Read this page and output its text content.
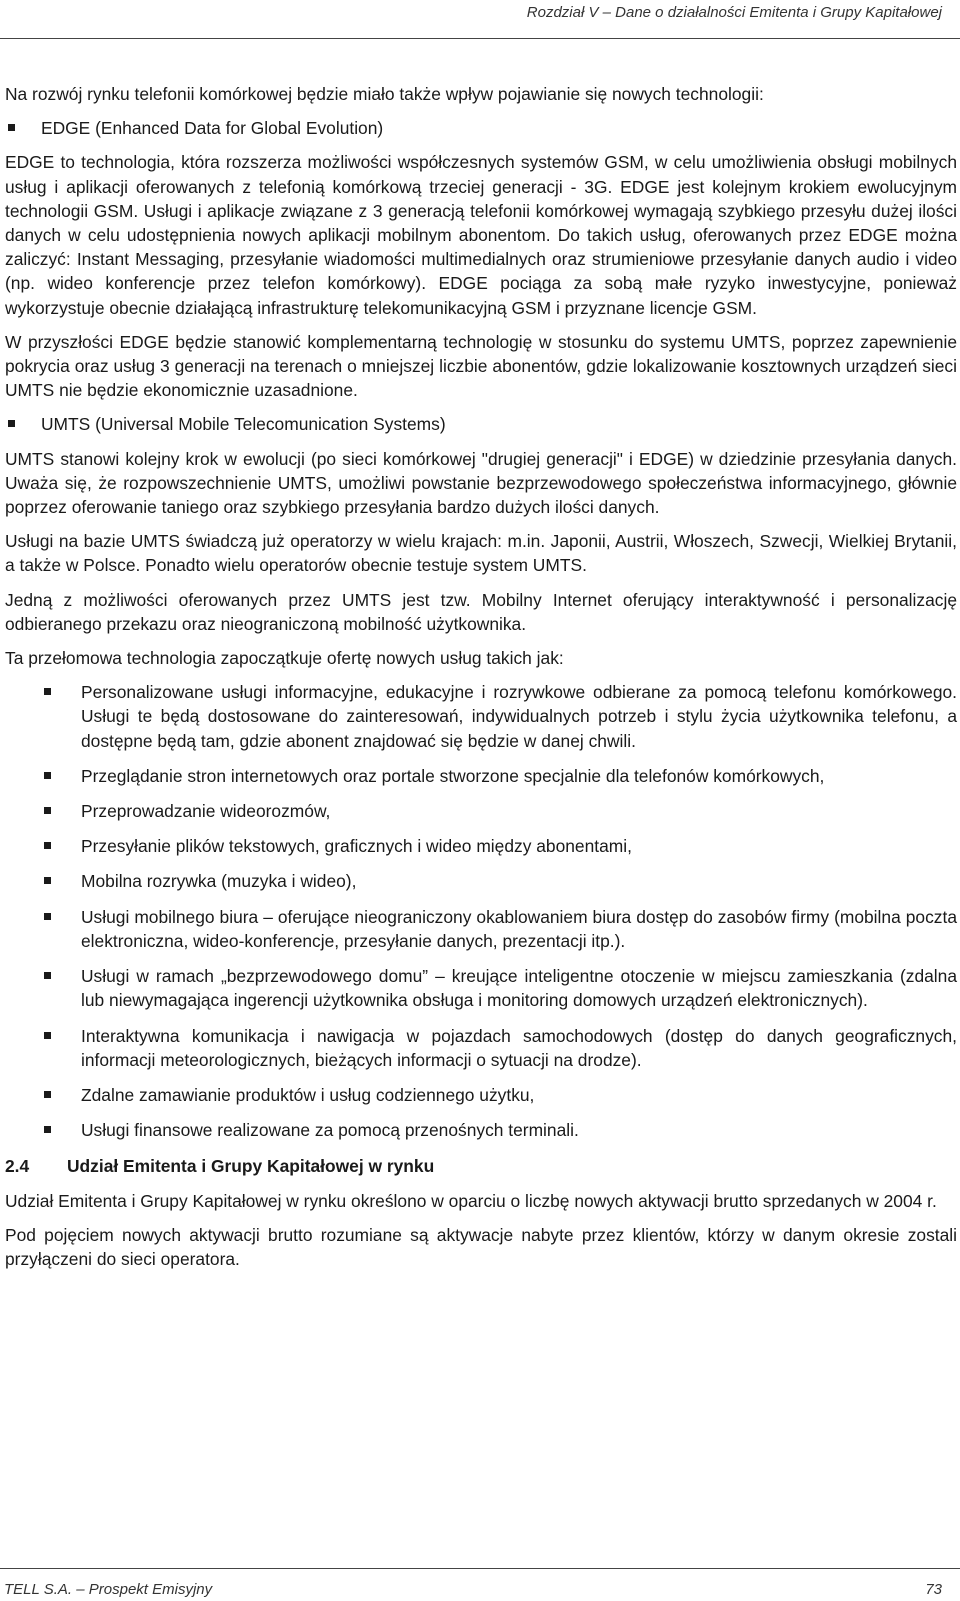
Rozdział V – Dane o działalności Emitenta i Grupy Kapitałowej

Na rozwój rynku telefonii komórkowej będzie miało także wpływ pojawianie się nowych technologii:

EDGE (Enhanced Data for Global Evolution)

EDGE to technologia, która rozszerza możliwości współczesnych systemów GSM, w celu umożliwienia obsługi mobilnych usług i aplikacji oferowanych z telefonią komórkową trzeciej generacji - 3G. EDGE jest kolejnym krokiem ewolucyjnym technologii GSM. Usługi i aplikacje związane z 3 generacją telefonii komórkowej wymagają szybkiego przesyłu dużej ilości danych w celu udostępnienia nowych aplikacji mobilnym abonentom. Do takich usług, oferowanych przez EDGE można zaliczyć: Instant Messaging, przesyłanie wiadomości multimedialnych oraz strumieniowe przesyłanie danych audio i video (np. wideo konferencje przez telefon komórkowy). EDGE pociąga za sobą małe ryzyko inwestycyjne, ponieważ wykorzystuje obecnie działającą infrastrukturę telekomunikacyjną GSM i przyznane licencje GSM.

W przyszłości EDGE będzie stanowić komplementarną technologię w stosunku do systemu UMTS, poprzez zapewnienie pokrycia oraz usług 3 generacji na terenach o mniejszej liczbie abonentów, gdzie lokalizowanie kosztownych urządzeń sieci UMTS nie będzie ekonomicznie uzasadnione.

UMTS (Universal Mobile Telecomunication Systems)

UMTS stanowi kolejny krok w ewolucji (po sieci komórkowej "drugiej generacji" i EDGE) w dziedzinie przesyłania danych. Uważa się, że rozpowszechnienie UMTS, umożliwi powstanie bezprzewodowego społeczeństwa informacyjnego, głównie poprzez oferowanie taniego oraz szybkiego przesyłania bardzo dużych ilości danych.

Usługi na bazie UMTS świadczą już operatorzy w wielu krajach: m.in. Japonii, Austrii, Włoszech, Szwecji, Wielkiej Brytanii, a także w Polsce. Ponadto wielu operatorów obecnie testuje system UMTS.

Jedną z możliwości oferowanych przez UMTS jest tzw. Mobilny Internet oferujący interaktywność i personalizację odbieranego przekazu oraz nieograniczoną mobilność użytkownika.

Ta przełomowa technologia zapoczątkuje ofertę nowych usług takich jak:

Personalizowane usługi informacyjne, edukacyjne i rozrywkowe odbierane za pomocą telefonu komórkowego. Usługi te będą dostosowane do zainteresowań, indywidualnych potrzeb i stylu życia użytkownika telefonu, a dostępne będą tam, gdzie abonent znajdować się będzie w danej chwili.
Przeglądanie stron internetowych oraz portale stworzone specjalnie dla telefonów komórkowych,
Przeprowadzanie wideorozmów,
Przesyłanie plików tekstowych, graficznych i wideo między abonentami,
Mobilna rozrywka (muzyka i wideo),
Usługi mobilnego biura – oferujące nieograniczony okablowaniem biura dostęp do zasobów firmy (mobilna poczta elektroniczna, wideo-konferencje, przesyłanie danych, prezentacji itp.).
Usługi w ramach „bezprzewodowego domu” – kreujące inteligentne otoczenie w miejscu zamieszkania (zdalna lub niewymagająca ingerencji użytkownika obsługa i monitoring domowych urządzeń elektronicznych).
Interaktywna komunikacja i nawigacja w pojazdach samochodowych (dostęp do danych geograficznych, informacji meteorologicznych, bieżących informacji o sytuacji na drodze).
Zdalne zamawianie produktów i usług codziennego użytku,
Usługi finansowe realizowane za pomocą przenośnych terminali.
2.4 Udział Emitenta i Grupy Kapitałowej w rynku

Udział Emitenta i Grupy Kapitałowej w rynku określono w oparciu o liczbę nowych aktywacji brutto sprzedanych w 2004 r.

Pod pojęciem nowych aktywacji brutto rozumiane są aktywacje nabyte przez klientów, którzy w danym okresie zostali przyłączeni do sieci operatora.

TELL S.A. – Prospekt Emisyjny	73
